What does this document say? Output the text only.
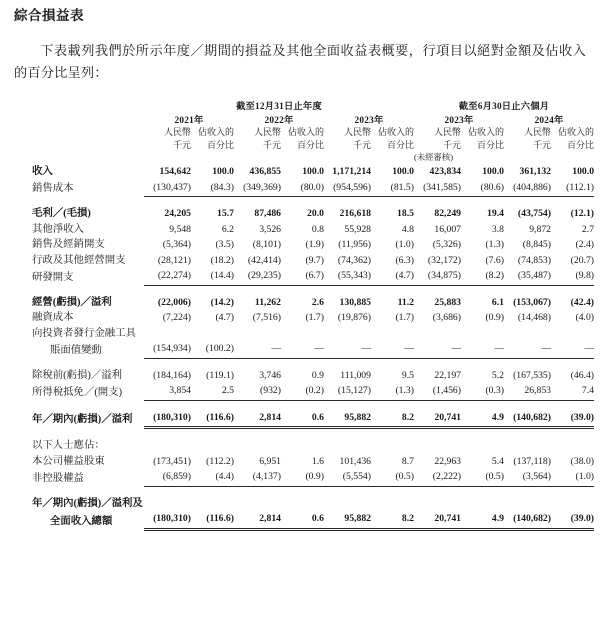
綜合損益表
下表載列我們於所示年度／期間的損益及其他全面收益表概要，行項目以絕對金額及佔收入的百分比呈列：
	截至12月31日止年度						截至6月30日止六個月			
	2021年		2022年		2023年		2023年		2024年	
	人民幣	佔收入的	人民幣	佔收入的	人民幣	佔收入的	人民幣	佔收入的	人民幣	佔收入的
	千元	百分比	千元	百分比	千元	百分比	千元	百分比	千元	百分比
							(未經審核)			
收入	154,642	100.0	436,855	100.0	1,171,214	100.0	423,834	100.0	361,132	100.0
銷售成本	(130,437)	(84.3)	(349,369)	(80.0)	(954,596)	(81.5)	(341,585)	(80.6)	(404,886)	(112.1)

毛利／(毛損)	24,205	15.7	87,486	20.0	216,618	18.5	82,249	19.4	(43,754)	(12.1)
其他淨收入	9,548	6.2	3,526	0.8	55,928	4.8	16,007	3.8	9,872	2.7
銷售及經銷開支	(5,364)	(3.5)	(8,101)	(1.9)	(11,956)	(1.0)	(5,326)	(1.3)	(8,845)	(2.4)
行政及其他經營開支	(28,121)	(18.2)	(42,414)	(9.7)	(74,362)	(6.3)	(32,172)	(7.6)	(74,853)	(20.7)
研發開支	(22,274)	(14.4)	(29,235)	(6.7)	(55,343)	(4.7)	(34,875)	(8.2)	(35,487)	(9.8)

經營(虧損)／溢利	(22,006)	(14.2)	11,262	2.6	130,885	11.2	25,883	6.1	(153,067)	(42.4)
融資成本	(7,224)	(4.7)	(7,516)	(1.7)	(19,876)	(1.7)	(3,686)	(0.9)	(14,468)	(4.0)
向投資者發行金融工具										
賬面值變動	(154,934)	(100.2)	—	—	—	—	—	—	—	—

除稅前(虧損)／溢利	(184,164)	(119.1)	3,746	0.9	111,009	9.5	22,197	5.2	(167,535)	(46.4)
所得稅抵免／(開支)	3,854	2.5	(932)	(0.2)	(15,127)	(1.3)	(1,456)	(0.3)	26,853	7.4

年／期內(虧損)／溢利	(180,310)	(116.6)	2,814	0.6	95,882	8.2	20,741	4.9	(140,682)	(39.0)

以下人士應佔：										
本公司權益股東	(173,451)	(112.2)	6,951	1.6	101,436	8.7	22,963	5.4	(137,118)	(38.0)
非控股權益	(6,859)	(4.4)	(4,137)	(0.9)	(5,554)	(0.5)	(2,222)	(0.5)	(3,564)	(1.0)

年／期內(虧損)／溢利及										
全面收入總額	(180,310)	(116.6)	2,814	0.6	95,882	8.2	20,741	4.9	(140,682)	(39.0)
